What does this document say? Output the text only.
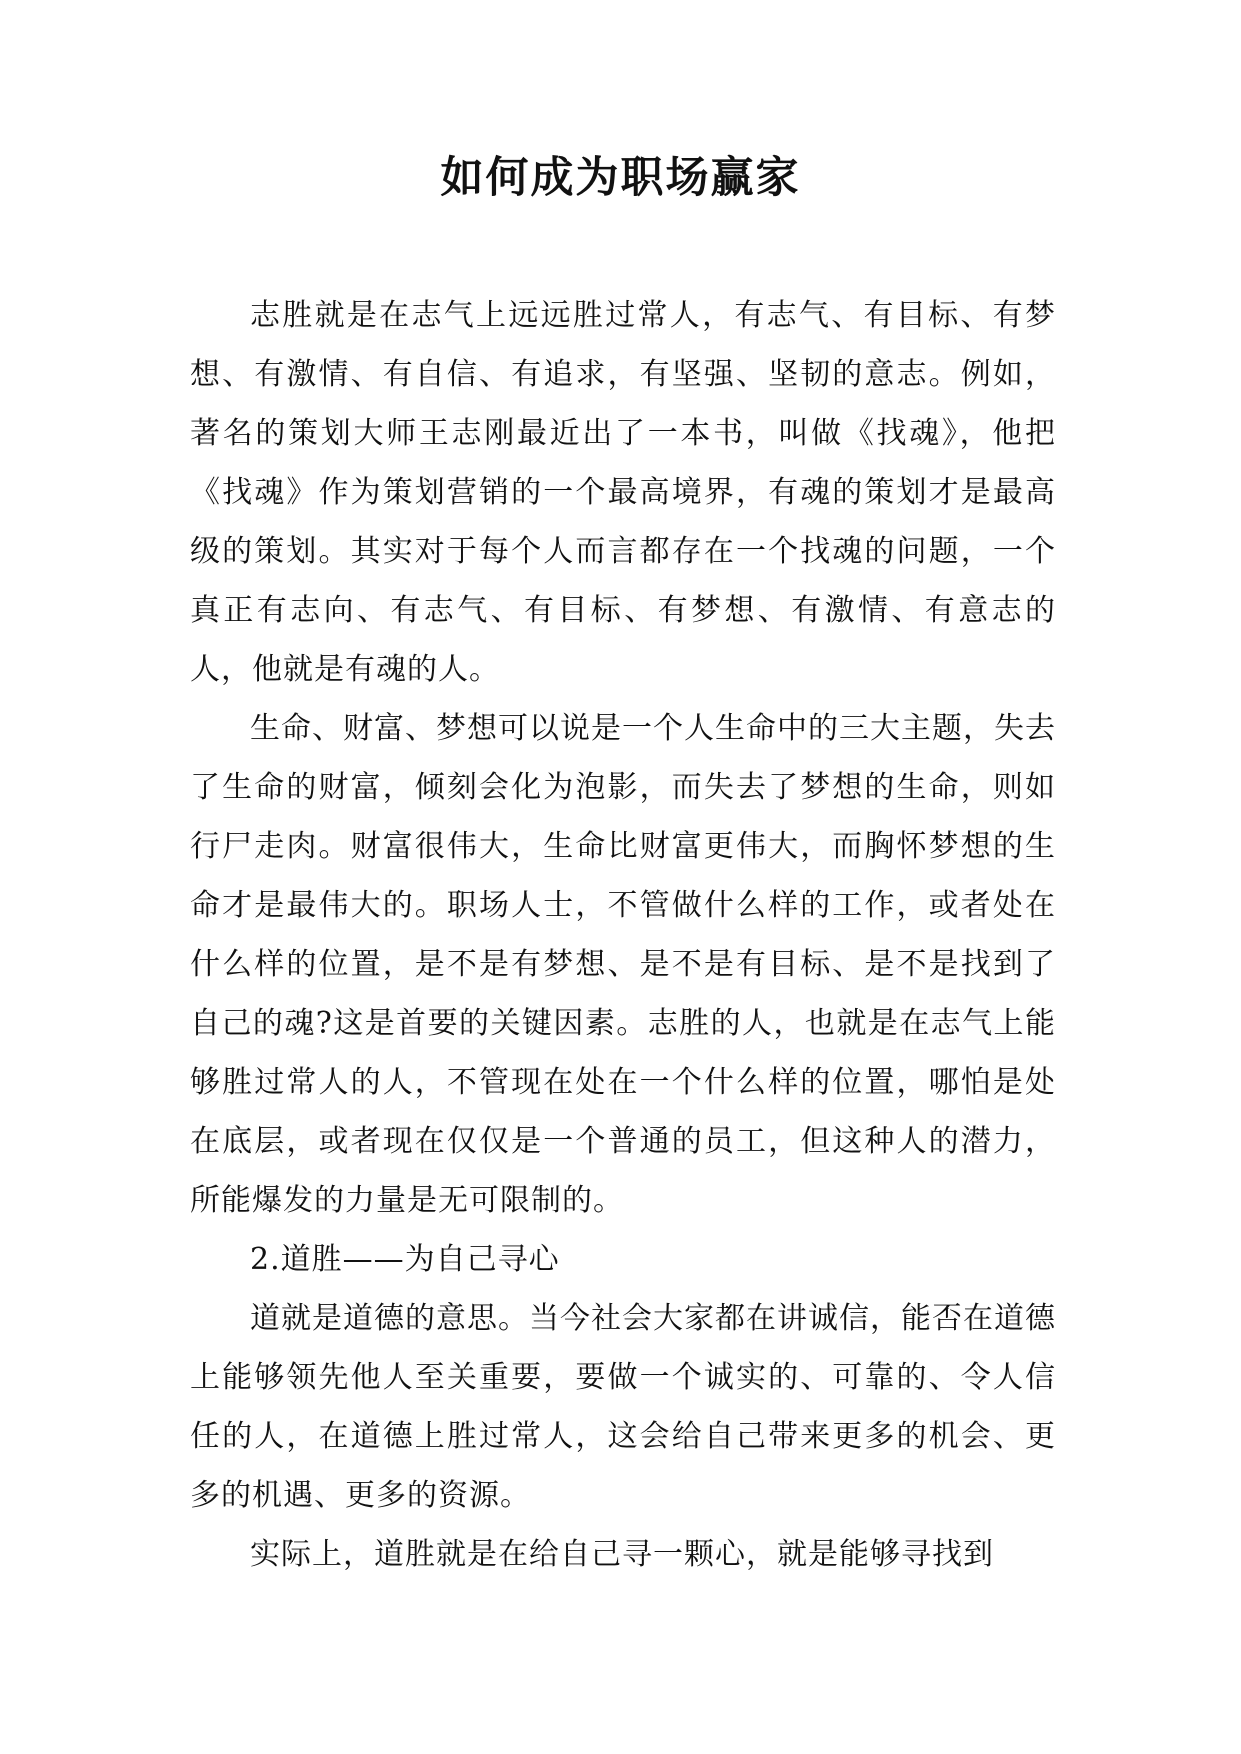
如何成为职场赢家

志胜就是在志气上远远胜过常人，有志气、有目标、有梦想、有激情、有自信、有追求，有坚强、坚韧的意志。例如，著名的策划大师王志刚最近出了一本书，叫做《找魂》，他把《找魂》作为策划营销的一个最高境界，有魂的策划才是最高级的策划。其实对于每个人而言都存在一个找魂的问题，一个真正有志向、有志气、有目标、有梦想、有激情、有意志的人，他就是有魂的人。

生命、财富、梦想可以说是一个人生命中的三大主题，失去了生命的财富，倾刻会化为泡影，而失去了梦想的生命，则如行尸走肉。财富很伟大，生命比财富更伟大，而胸怀梦想的生命才是最伟大的。职场人士，不管做什么样的工作，或者处在什么样的位置，是不是有梦想、是不是有目标、是不是找到了自己的魂?这是首要的关键因素。志胜的人，也就是在志气上能够胜过常人的人，不管现在处在一个什么样的位置，哪怕是处在底层，或者现在仅仅是一个普通的员工，但这种人的潜力，所能爆发的力量是无可限制的。

2.道胜——为自己寻心

道就是道德的意思。当今社会大家都在讲诚信，能否在道德上能够领先他人至关重要，要做一个诚实的、可靠的、令人信任的人，在道德上胜过常人，这会给自己带来更多的机会、更多的机遇、更多的资源。

实际上，道胜就是在给自己寻一颗心，就是能够寻找到
